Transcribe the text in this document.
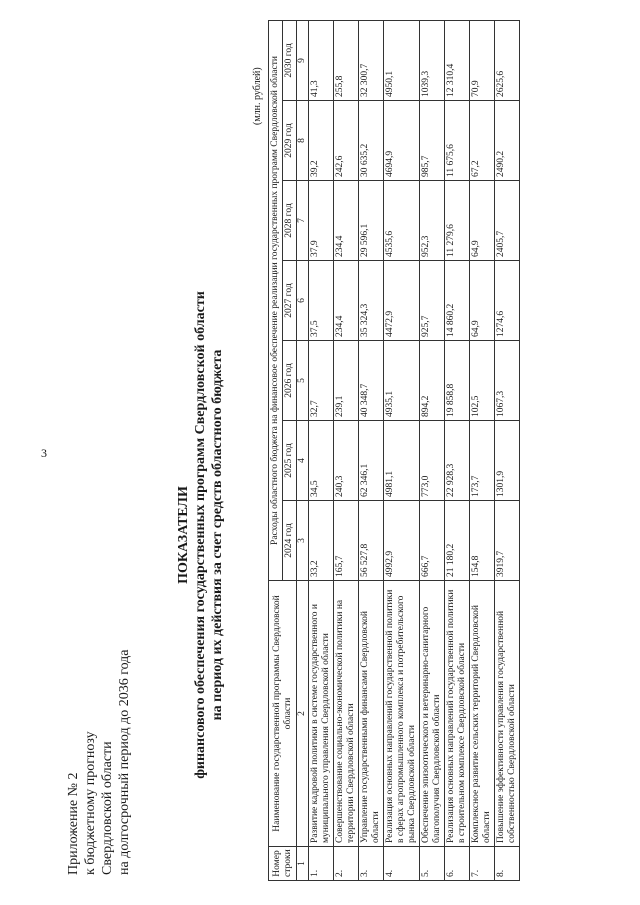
3
Приложение № 2 к бюджетному прогнозу Свердловской области на долгосрочный период до 2036 года
ПОКАЗАТЕЛИ финансового обеспечения государственных программ Свердловской области на период их действия за счет средств областного бюджета
(млн. рублей)
Номер строки	Наименование государственной программы Свердловской области	Расходы областного бюджета на финансовое обеспечение реализации государственных программ Свердловской области						
		2024 год	2025 год	2026 год	2027 год	2028 год	2029 год	2030 год
1	2	3	4	5	6	7	8	9
1.	Развитие кадровой политики в системе государственного и муниципального управления Свердловской области	33,2	34,5	32,7	37,5	37,9	39,2	41,3
2.	Совершенствование социально-экономической политики на территории Свердловской области	165,7	240,3	239,1	234,4	234,4	242,6	255,8
3.	Управление государственными финансами Свердловской области	56 527,8	62 346,1	40 348,7	35 324,3	29 596,1	30 635,2	32 300,7
4.	Реализация основных направлений государственной политики в сферах агропромышленного комплекса и потребительского рынка Свердловской области	4992,9	4981,1	4935,1	4472,9	4535,6	4694,9	4950,1
5.	Обеспечение эпизоотического и ветеринарно-санитарного благополучия Свердловской области	666,7	773,0	894,2	925,7	952,3	985,7	1039,3
6.	Реализация основных направлений государственной политики в строительном комплексе Свердловской области	21 180,2	22 928,3	19 858,8	14 860,2	11 279,6	11 675,6	12 310,4
7.	Комплексное развитие сельских территорий Свердловской области	154,8	173,7	102,5	64,9	64,9	67,2	70,9
8.	Повышение эффективности управления государственной собственностью Свердловской области	3919,7	1301,9	1067,3	1274,6	2405,7	2490,2	2625,6
